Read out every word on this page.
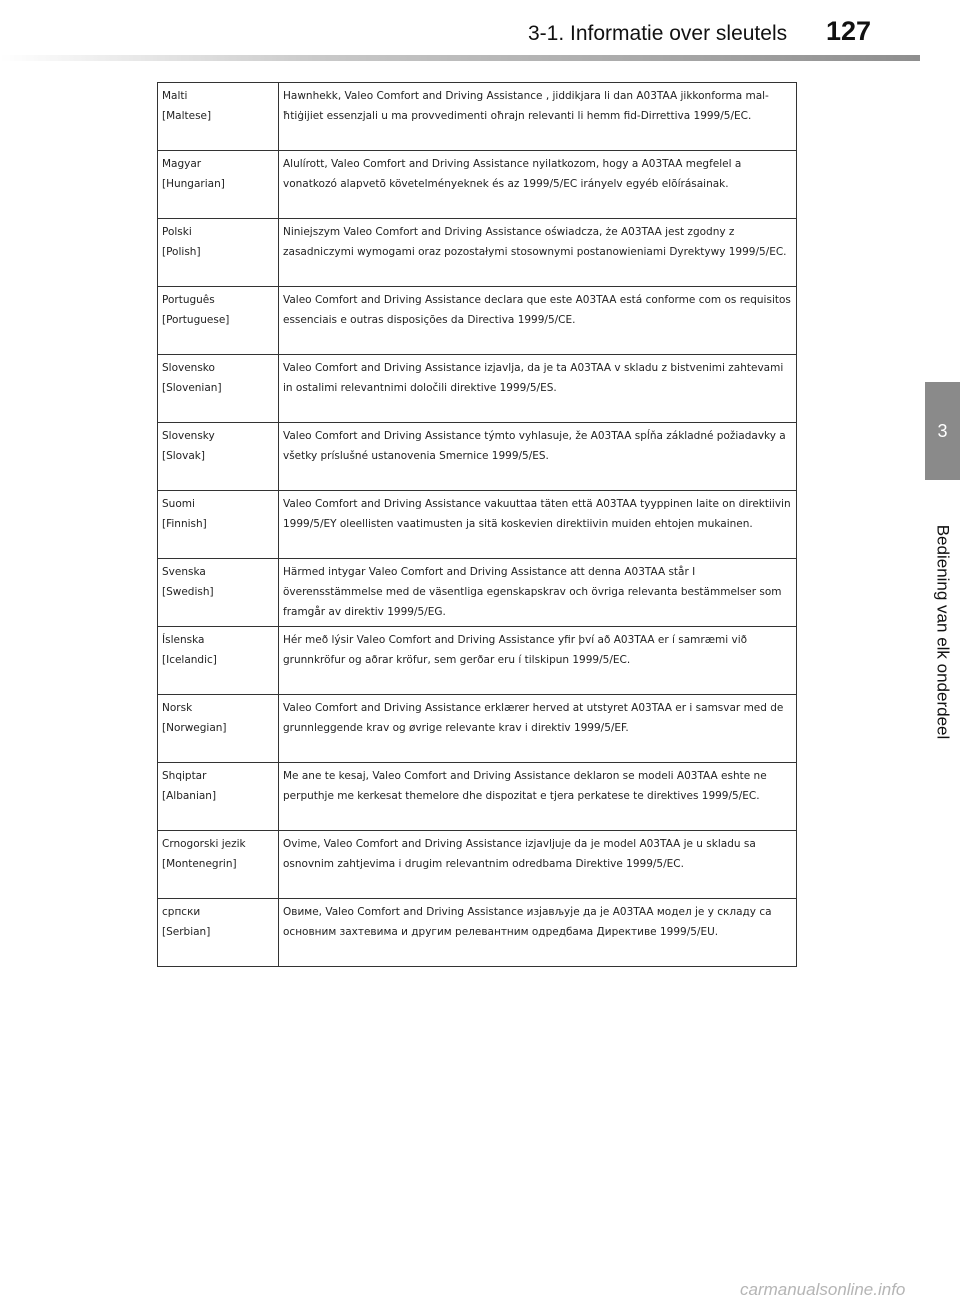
3-1. Informatie over sleutels 127
3
Bediening van elk onderdeel
Malti
[Maltese]	Hawnhekk, Valeo Comfort and Driving Assistance , jiddikjara li dan A03TAA jikkonforma mal-ħtiġijiet essenzjali u ma provvedimenti oħrajn relevanti li hemm fid-Dirrettiva 1999/5/EC.

Magyar
[Hungarian]	Alulírott, Valeo Comfort and Driving Assistance nyilatkozom, hogy a A03TAA megfelel a vonatkozó alapvetõ követelményeknek és az 1999/5/EC irányelv egyéb elõírásainak.

Polski
[Polish]	Niniejszym Valeo Comfort and Driving Assistance oświadcza, że A03TAA jest zgodny z zasadniczymi wymogami oraz pozostałymi stosownymi postanowieniami Dyrektywy 1999/5/EC.

Português
[Portuguese]	Valeo Comfort and Driving Assistance declara que este A03TAA está conforme com os requisitos essenciais e outras disposições da Directiva 1999/5/CE.

Slovensko
[Slovenian]	Valeo Comfort and Driving Assistance izjavlja, da je ta A03TAA v skladu z bistvenimi zahtevami in ostalimi relevantnimi določili direktive 1999/5/ES.

Slovensky
[Slovak]	Valeo Comfort and Driving Assistance týmto vyhlasuje, že A03TAA spĺňa základné požiadavky a všetky príslušné ustanovenia Smernice 1999/5/ES.

Suomi
[Finnish]	Valeo Comfort and Driving Assistance vakuuttaa täten että A03TAA tyyppinen laite on direktiivin 1999/5/EY oleellisten vaatimusten ja sitä koskevien direktiivin muiden ehtojen mukainen.

Svenska
[Swedish]	Härmed intygar Valeo Comfort and Driving Assistance att denna A03TAA står I överensstämmelse med de väsentliga egenskapskrav och övriga relevanta bestämmelser som framgår av direktiv 1999/5/EG.

Íslenska
[Icelandic]	Hér með lýsir Valeo Comfort and Driving Assistance yfir því að A03TAA er í samræmi við grunnkröfur og aðrar kröfur, sem gerðar eru í tilskipun 1999/5/EC.

Norsk
[Norwegian]	Valeo Comfort and Driving Assistance erklærer herved at utstyret A03TAA er i samsvar med de grunnleggende krav og øvrige relevante krav i direktiv 1999/5/EF.

Shqiptar
[Albanian]	Me ane te kesaj, Valeo Comfort and Driving Assistance deklaron se modeli A03TAA eshte ne perputhje me kerkesat themelore dhe dispozitat e tjera perkatese te direktives 1999/5/EC.

Crnogorski jezik
[Montenegrin]	Ovime, Valeo Comfort and Driving Assistance izjavljuje da je model A03TAA je u skladu sa osnovnim zahtjevima i drugim relevantnim odredbama Direktive 1999/5/EC.

српски
[Serbian]	Овиме, Valeo Comfort and Driving Assistance изјављује да је A03TAA модел је у складу са основним захтевима и другим релевантним одредбама Директиве 1999/5/EU.
carmanualsonline.info
